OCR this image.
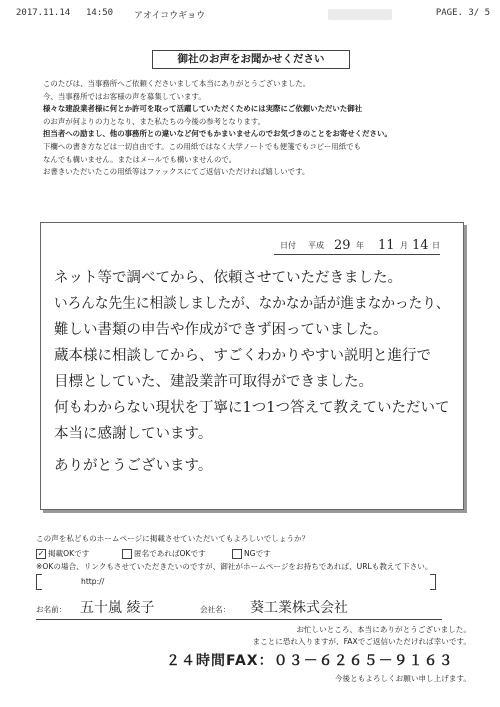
2017.11.14 14:50 アオイコウギョウ	PAGE. 3/ 5
御社のお声をお聞かせください

このたびは、当事務所へご依頼くださいまして本当にありがとうございました。

今、当事務所ではお客様の声を募集しています。

様々な建設業者様に何とか許可を取って活躍していただくためには実際にご依頼いただいた御社

のお声が何よりの力となり、また私たちの今後の参考となります。

担当者への励まし、他の事務所との違いなど何でもかまいませんのでお気づきのことをお寄せください。

下欄への書き方などは一切自由です。この用紙ではなく大学ノートでも便箋でもコピー用紙でも

なんでも構いません。またはメールでも構いませんので。

お書きいただいたこの用紙等はファックスにてご返信いただければ嬉しいです。

日付 平成 29 年 11 月 14 日
ネット等で調べてから、依頼させていただきました。
いろんな先生に相談しましたが、なかなか話が進まなかったり、
難しい書類の申告や作成ができず困っていました。
蔵本様に相談してから、すごくわかりやすい説明と進行で
目標としていた、建設業許可取得ができました。
何もわからない現状を丁寧に1つ1つ答えて教えていただいて
本当に感謝しています。
ありがとうございます。
この声を私どものホームページに掲載させていただいてもよろしいでしょうか？
✓ 掲載OKです	匿名であればOKです	NGです
※OKの場合、リンクもさせていただきたいのですが、御社がホームページをお持ちであれば、URLも教えて下さい。
http://
お名前： 五十嵐 綾子	会社名： 葵工業株式会社
お忙しいところ、本当にありがとうございました。
まことに恐れ入りますが、FAXでご返信いただければ幸いです。
２４時間FAX：０３－６２６５－９１６３
今後ともよろしくお願い申し上げます。
